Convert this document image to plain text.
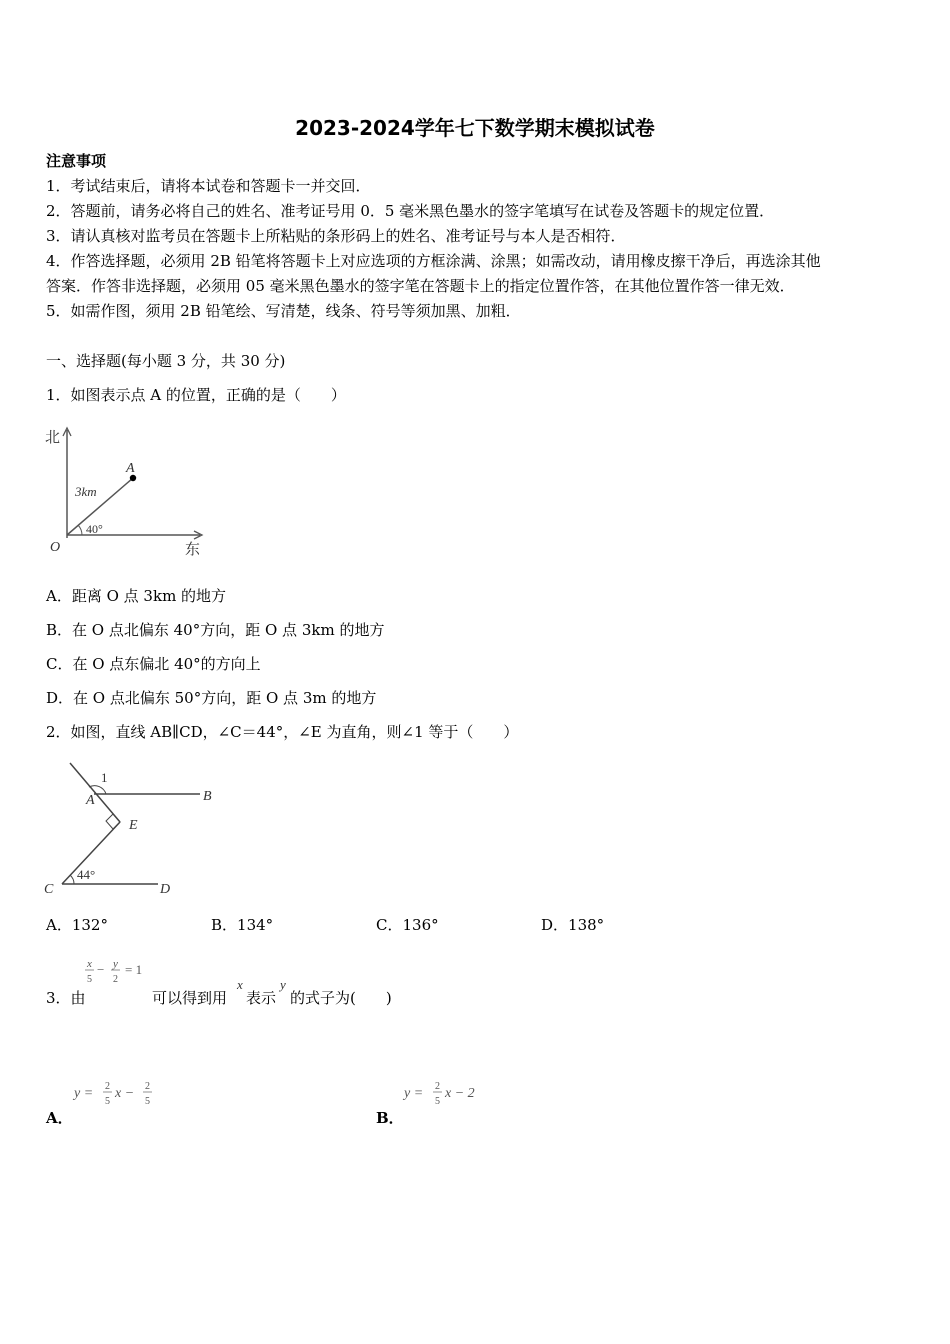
2023-2024学年七下数学期末模拟试卷
注意事项
1．考试结束后，请将本试卷和答题卡一并交回．
2．答题前，请务必将自己的姓名、准考证号用 0．5 毫米黑色墨水的签字笔填写在试卷及答题卡的规定位置．
3．请认真核对监考员在答题卡上所粘贴的条形码上的姓名、准考证号与本人是否相符．
4．作答选择题，必须用 2B 铅笔将答题卡上对应选项的方框涂满、涂黑；如需改动，请用橡皮擦干净后，再选涂其他
答案．作答非选择题，必须用 05 毫米黑色墨水的签字笔在答题卡上的指定位置作答，在其他位置作答一律无效．
5．如需作图，须用 2B 铅笔绘、写清楚，线条、符号等须加黑、加粗．
一、选择题(每小题 3 分，共 30 分)
1．如图表示点 A 的位置，正确的是（　　）
北
东
O
A
3km
40°
A．距离 O 点 3km 的地方
B．在 O 点北偏东 40°方向，距 O 点 3km 的地方
C．在 O 点东偏北 40°的方向上
D．在 O 点北偏东 50°方向，距 O 点 3m 的地方
2．如图，直线 AB∥CD，∠C＝44°，∠E 为直角，则∠1 等于（　　）
1
A	B
E
C	D
44°
A．132°	B．134°	C．136°	D．138°
x
5
− y
2
= 1
3．由	可以得到用
x
表示
y
的式子为(　　)
y = 2
5
x − 2
5
A．
y = 2
5
x − 2
B．
